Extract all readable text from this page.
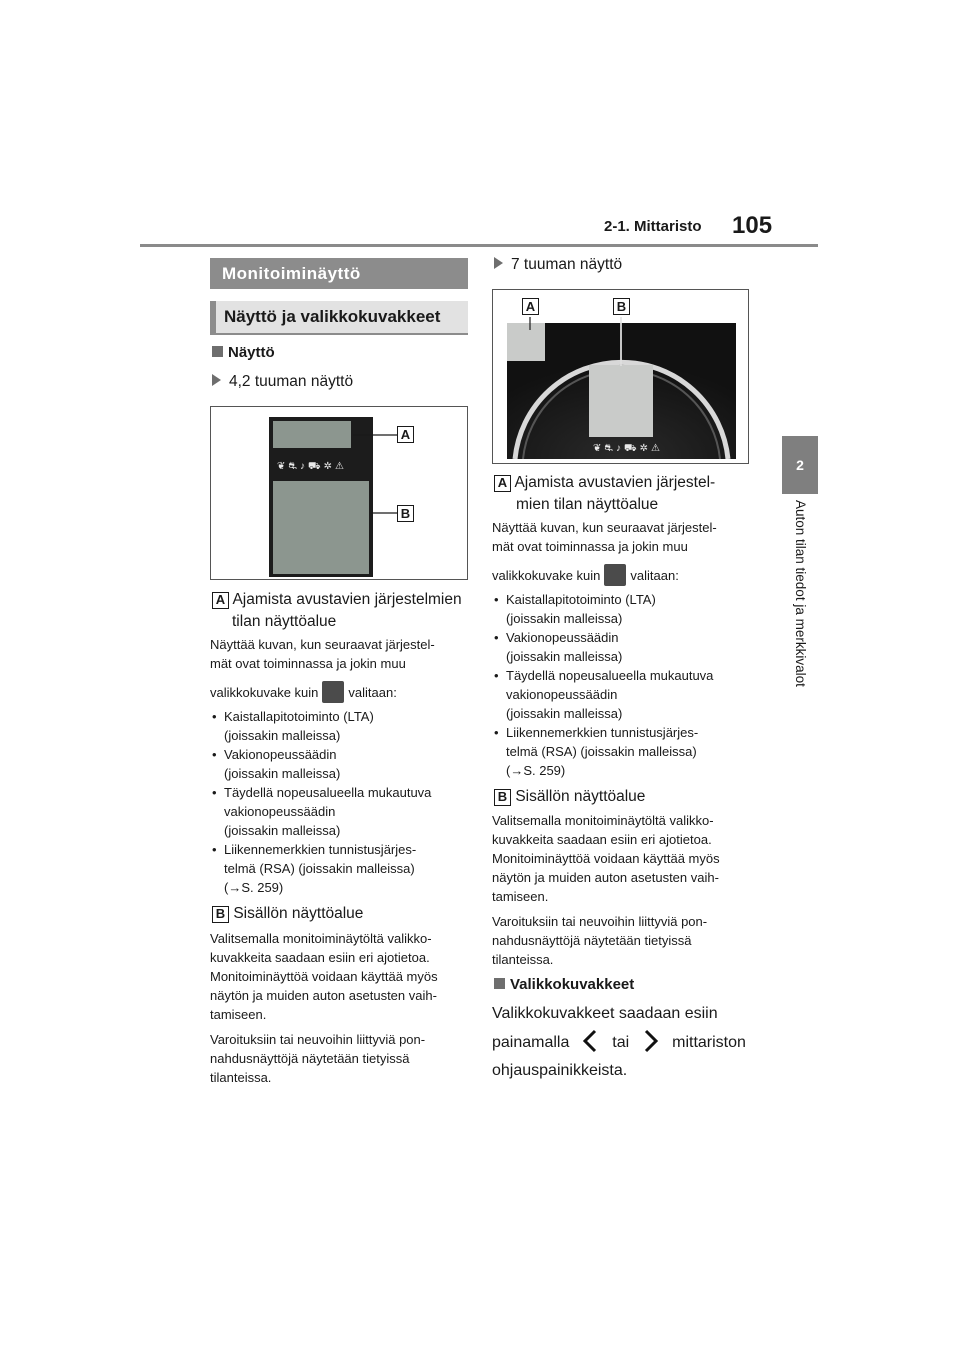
2-1. Mittaristo 105
2
Auton tilan tiedot ja merkkivalot
Monitoiminäyttö
Näyttö ja valikkokuvakkeet
Näyttö
4,2 tuuman näyttö
❦⛐♪⛟✲⚠
A
B
A Ajamista avustavien järjestelmien
tilan näyttöalue
Näyttää kuvan, kun seuraavat järjestel-
mät ovat toiminnassa ja jokin muu
valikkokuvake kuin valitaan:
• Kaistallapitotoiminto (LTA)
(joissakin malleissa)
• Vakionopeussäädin
(joissakin malleissa)
• Täydellä nopeusalueella mukautuva
vakionopeussäädin
(joissakin malleissa)
• Liikennemerkkien tunnistusjärjes-
telmä (RSA) (joissakin malleissa)
(→S. 259)
B Sisällön näyttöalue

Valitsemalla monitoiminäytöltä valikko-
kuvakkeita saadaan esiin eri ajotietoa.
Monitoiminäyttöä voidaan käyttää myös
näytön ja muiden auton asetusten vaih-
tamiseen.

Varoituksiin tai neuvoihin liittyviä pon-
nahdusnäyttöjä näytetään tietyissä
tilanteissa.

7 tuuman näyttö
❦⛐♪⛟✲⚠
A	B
A Ajamista avustavien järjestel-
mien tilan näyttöalue
Näyttää kuvan, kun seuraavat järjestel-
mät ovat toiminnassa ja jokin muu
valikkokuvake kuin valitaan:
• Kaistallapitotoiminto (LTA)
(joissakin malleissa)
• Vakionopeussäädin
(joissakin malleissa)
• Täydellä nopeusalueella mukautuva
vakionopeussäädin
(joissakin malleissa)
• Liikennemerkkien tunnistusjärjes-
telmä (RSA) (joissakin malleissa)
(→S. 259)
B Sisällön näyttöalue

Valitsemalla monitoiminäytöltä valikko-
kuvakkeita saadaan esiin eri ajotietoa.
Monitoiminäyttöä voidaan käyttää myös
näytön ja muiden auton asetusten vaih-
tamiseen.

Varoituksiin tai neuvoihin liittyviä pon-
nahdusnäyttöjä näytetään tietyissä
tilanteissa.

Valikkokuvakkeet
Valikkokuvakkeet saadaan esiin
painamalla	tai	mittariston
ohjauspainikkeista.
